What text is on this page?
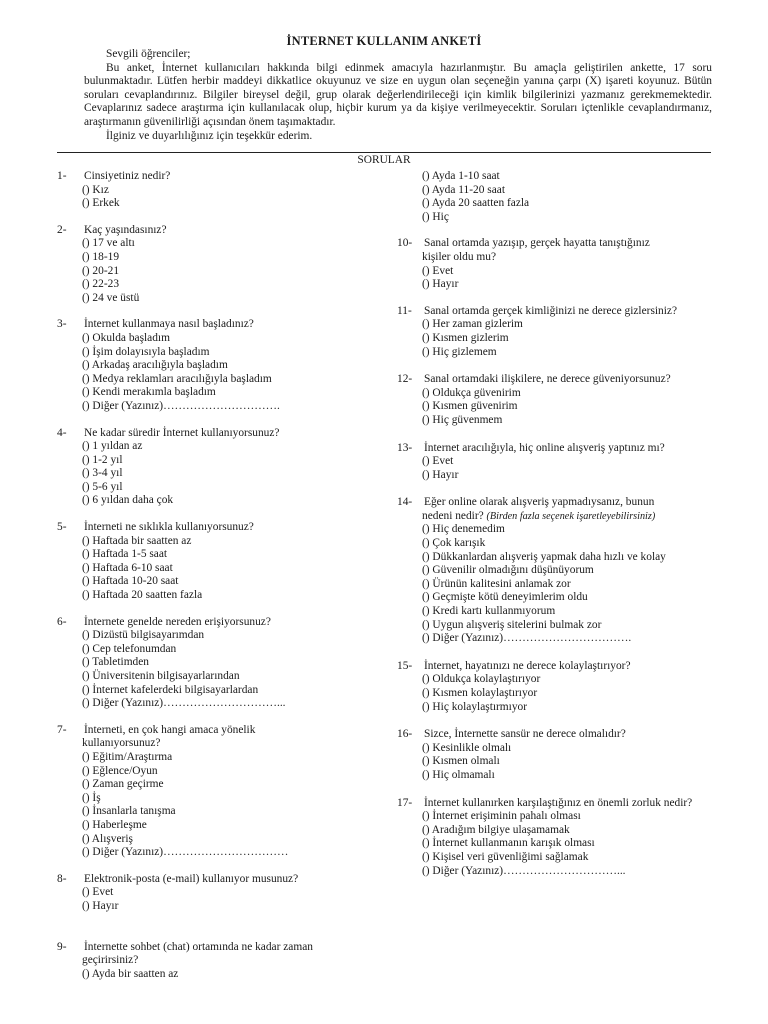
İNTERNET KULLANIM ANKETİ

Sevgili öğrenciler;

Bu anket, İnternet kullanıcıları hakkında bilgi edinmek amacıyla hazırlanmıştır. Bu amaçla geliştirilen ankette, 17 soru bulunmaktadır. Lütfen herbir maddeyi dikkatlice okuyunuz ve size en uygun olan seçeneğin yanına çarpı (X) işareti koyunuz. Bütün soruları cevaplandırınız. Bilgiler bireysel değil, grup olarak değerlendirileceği için kimlik bilgilerinizi yazmanız gerekmemektedir. Cevaplarınız sadece araştırma için kullanılacak olup, hiçbir kurum ya da kişiye verilmeyecektir. Soruları içtenlikle cevaplandırmanız, araştırmanın güvenilirliği açısından önem taşımaktadır.

İlginiz ve duyarlılığınız için teşekkür ederim.

SORULAR
1-	Cinsiyetiniz nedir?
() Kız
() Erkek
2-	Kaç yaşındasınız?
() 17 ve altı
() 18-19
() 20-21
() 22-23
() 24 ve üstü
3-	İnternet kullanmaya nasıl başladınız?
() Okulda başladım
() İşim dolayısıyla başladım
() Arkadaş aracılığıyla başladım
() Medya reklamları aracılığıyla başladım
() Kendi merakımla başladım
() Diğer (Yazınız)………………………….
4-	Ne kadar süredir İnternet kullanıyorsunuz?
() 1 yıldan az
() 1-2 yıl
() 3-4 yıl
() 5-6 yıl
() 6 yıldan daha çok
5-	İnterneti ne sıklıkla kullanıyorsunuz?
() Haftada bir saatten az
() Haftada 1-5 saat
() Haftada 6-10 saat
() Haftada 10-20 saat
() Haftada 20 saatten fazla
6-	İnternete genelde nereden erişiyorsunuz?
() Dizüstü bilgisayarımdan
() Cep telefonumdan
() Tabletimden
() Üniversitenin bilgisayarlarından
() İnternet kafelerdeki bilgisayarlardan
() Diğer (Yazınız)…………………………...
7-	İnterneti, en çok hangi amaca yönelik
kullanıyorsunuz?
() Eğitim/Araştırma
() Eğlence/Oyun
() Zaman geçirme
() İş
() İnsanlarla tanışma
() Haberleşme
() Alışveriş
() Diğer (Yazınız)……………………………
8-	Elektronik-posta (e-mail) kullanıyor musunuz?
() Evet
() Hayır
9-	İnternette sohbet (chat) ortamında ne kadar zaman
geçirirsiniz?
() Ayda bir saatten az
() Ayda 1-10 saat
() Ayda 11-20 saat
() Ayda 20 saatten fazla
() Hiç
10-	Sanal ortamda yazışıp, gerçek hayatta tanıştığınız
kişiler oldu mu?
() Evet
() Hayır
11-	Sanal ortamda gerçek kimliğinizi ne derece gizlersiniz?
() Her zaman gizlerim
() Kısmen gizlerim
() Hiç gizlemem
12-	Sanal ortamdaki ilişkilere, ne derece güveniyorsunuz?
() Oldukça güvenirim
() Kısmen güvenirim
() Hiç güvenmem
13-	İnternet aracılığıyla, hiç online alışveriş yaptınız mı?
() Evet
() Hayır
14-	Eğer online olarak alışveriş yapmadıysanız, bunun
nedeni nedir? (Birden fazla seçenek işaretleyebilirsiniz)
() Hiç denemedim
() Çok karışık
() Dükkanlardan alışveriş yapmak daha hızlı ve kolay
() Güvenilir olmadığını düşünüyorum
() Ürünün kalitesini anlamak zor
() Geçmişte kötü deneyimlerim oldu
() Kredi kartı kullanmıyorum
() Uygun alışveriş sitelerini bulmak zor
() Diğer (Yazınız)…………………………….
15-	İnternet, hayatınızı ne derece kolaylaştırıyor?
() Oldukça kolaylaştırıyor
() Kısmen kolaylaştırıyor
() Hiç kolaylaştırmıyor
16-	Sizce, İnternette sansür ne derece olmalıdır?
() Kesinlikle olmalı
() Kısmen olmalı
() Hiç olmamalı
17-	İnternet kullanırken karşılaştığınız en önemli zorluk nedir?
() İnternet erişiminin pahalı olması
() Aradığım bilgiye ulaşamamak
() İnternet kullanmanın karışık olması
() Kişisel veri güvenliğimi sağlamak
() Diğer (Yazınız)…………………………...
